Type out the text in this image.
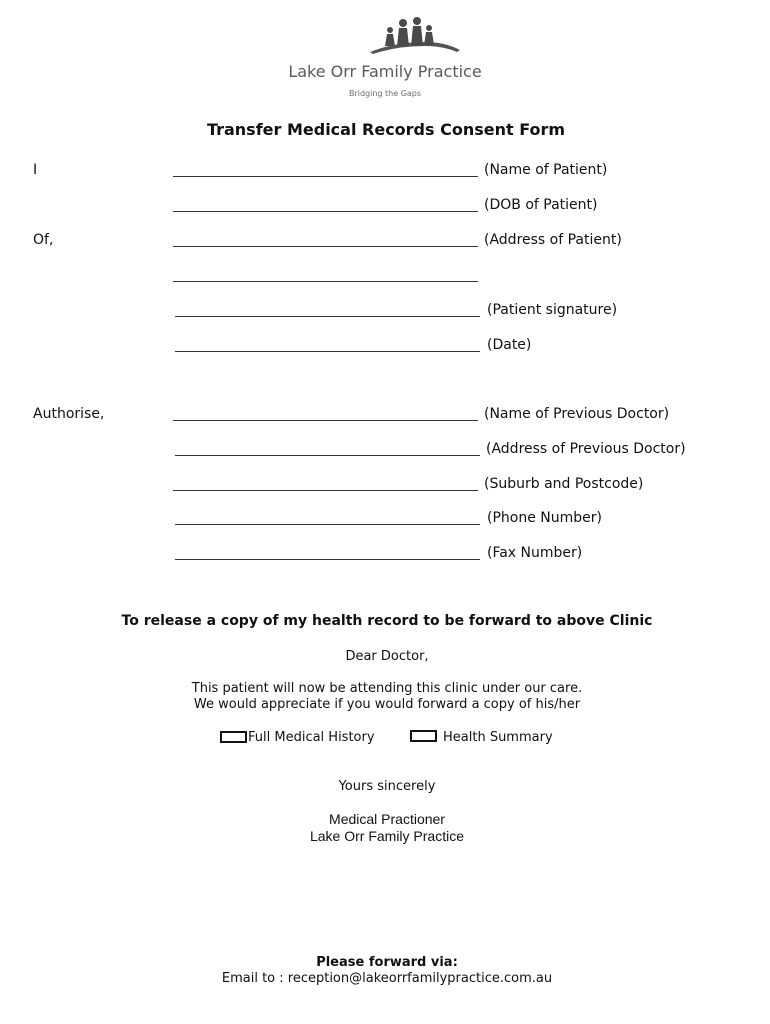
Lake Orr Family Practice
Bridging the Gaps
Transfer Medical Records Consent Form
I
Of,
(Name of Patient)
(DOB of Patient)
(Address of Patient)
(Patient signature)
(Date)
Authorise,	(Name of Previous Doctor)
(Address of Previous Doctor)
(Suburb and Postcode)
(Phone Number)
(Fax Number)
To release a copy of my health record to be forward to above Clinic
Dear Doctor,
This patient will now be attending this clinic under our care.
We would appreciate if you would forward a copy of his/her
Full Medical History	Health Summary
Yours sincerely
Medical Practioner
Lake Orr Family Practice
Please forward via:
Email to : reception@lakeorrfamilypractice.com.au
